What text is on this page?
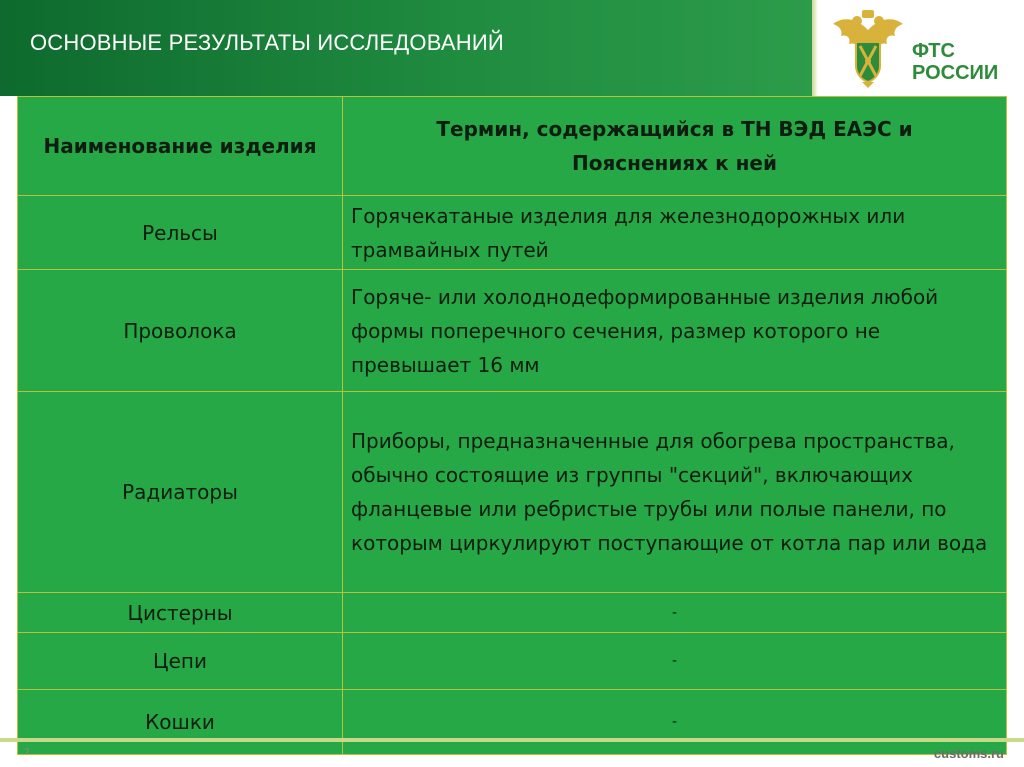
ОСНОВНЫЕ РЕЗУЛЬТАТЫ ИССЛЕДОВАНИЙ	ФТС
РОССИИ
Наименование изделия	Термин, содержащийся в ТН ВЭД ЕАЭС и Пояснениях к ней
Рельсы	Горячекатаные изделия для железнодорожных или трамвайных путей
Проволока	Горяче- или холоднодеформированные изделия любой формы поперечного сечения, размер которого не превышает 16 мм
Радиаторы	Приборы, предназначенные для обогрева пространства, обычно состоящие из группы "секций", включающих фланцевые или ребристые трубы или полые панели, по которым циркулируют поступающие от котла пар или вода
Цистерны	-
Цепи	-
Кошки	-
7	customs.ru
